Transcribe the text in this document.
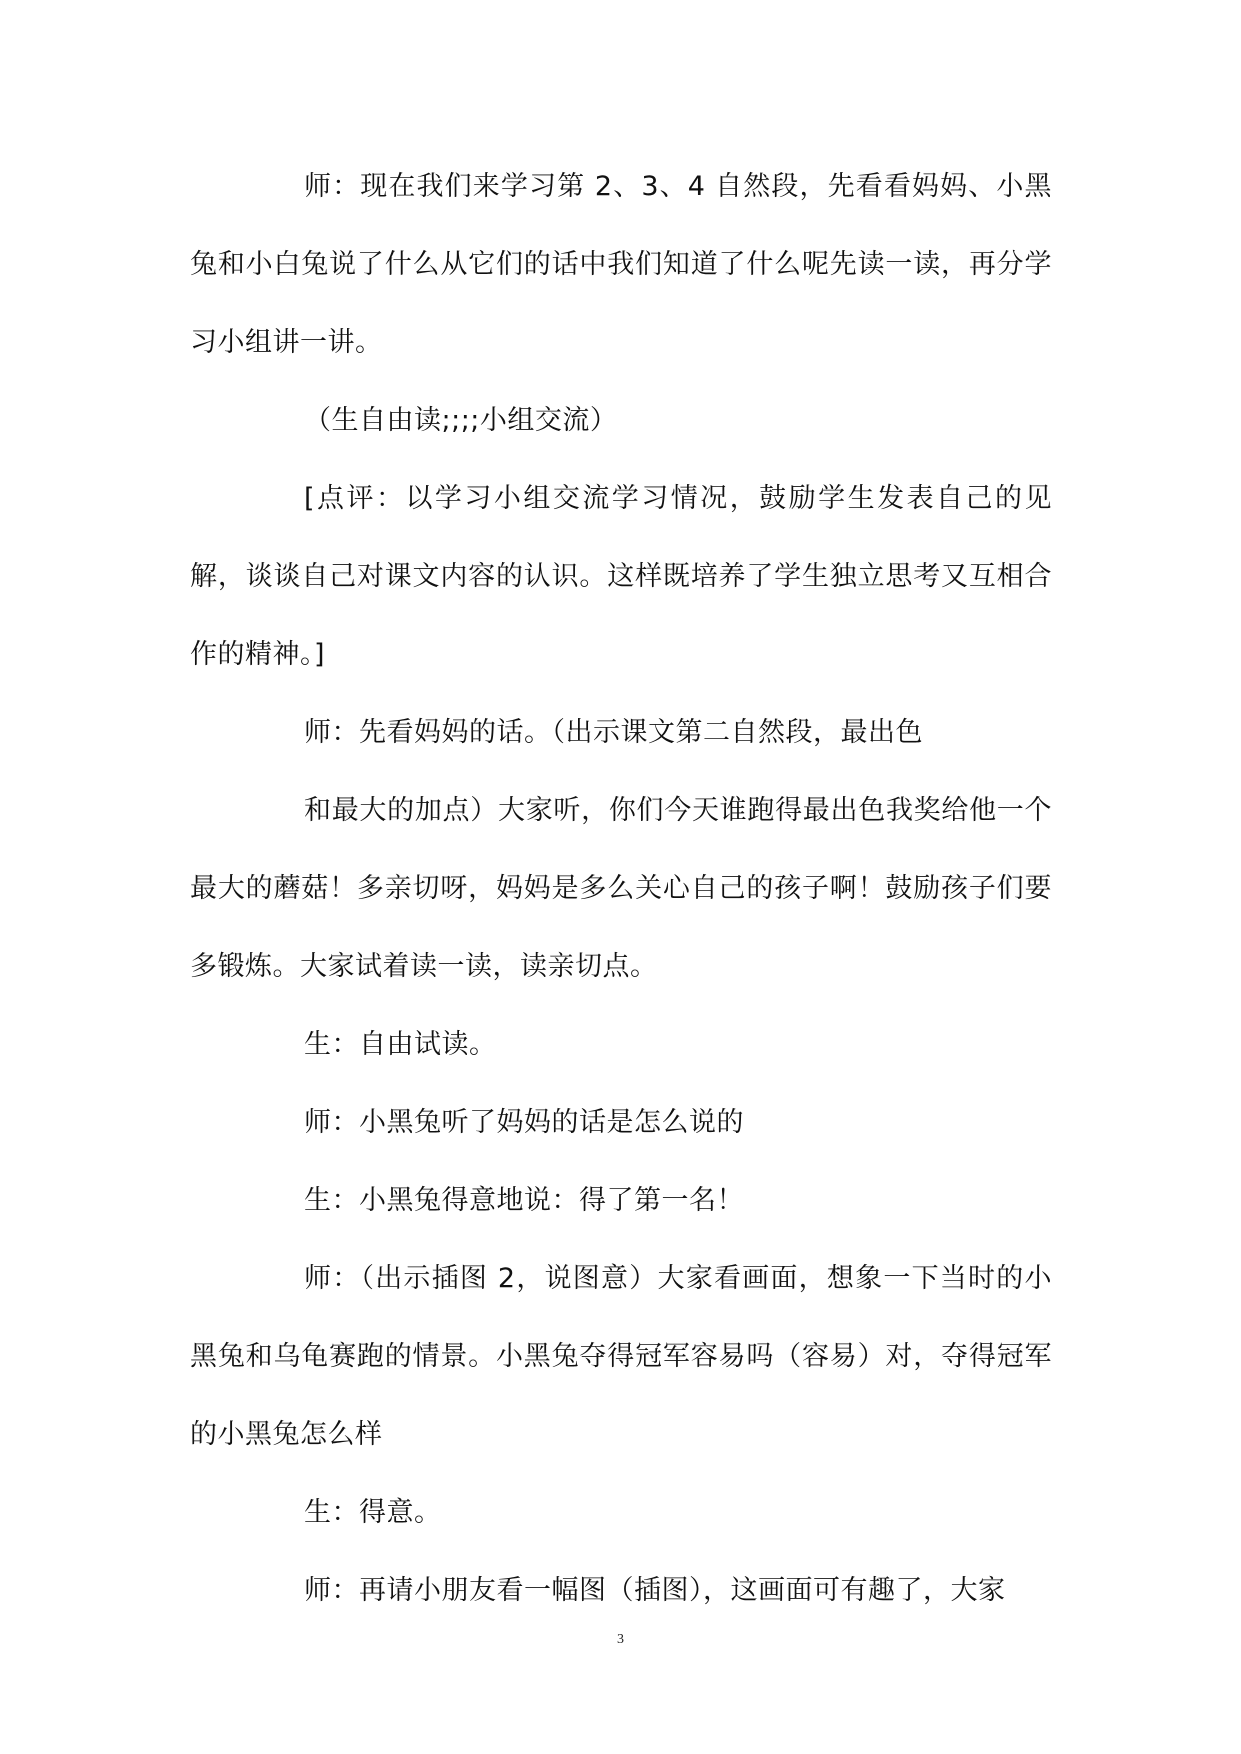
师：现在我们来学习第 2、3、4 自然段，先看看妈妈、小黑兔和小白兔说了什么从它们的话中我们知道了什么呢先读一读，再分学习小组讲一讲。

（生自由读;;;;小组交流）

[点评：以学习小组交流学习情况，鼓励学生发表自己的见解，谈谈自己对课文内容的认识。这样既培养了学生独立思考又互相合作的精神。]

师：先看妈妈的话。（出示课文第二自然段，最出色

和最大的加点）大家听，你们今天谁跑得最出色我奖给他一个最大的蘑菇！多亲切呀，妈妈是多么关心自己的孩子啊！鼓励孩子们要多锻炼。大家试着读一读，读亲切点。

生：自由试读。

师：小黑兔听了妈妈的话是怎么说的

生：小黑兔得意地说：得了第一名！

师：（出示插图 2，说图意）大家看画面，想象一下当时的小黑兔和乌龟赛跑的情景。小黑兔夺得冠军容易吗（容易）对，夺得冠军的小黑兔怎么样

生：得意。

师：再请小朋友看一幅图（插图），这画面可有趣了，大家

3
